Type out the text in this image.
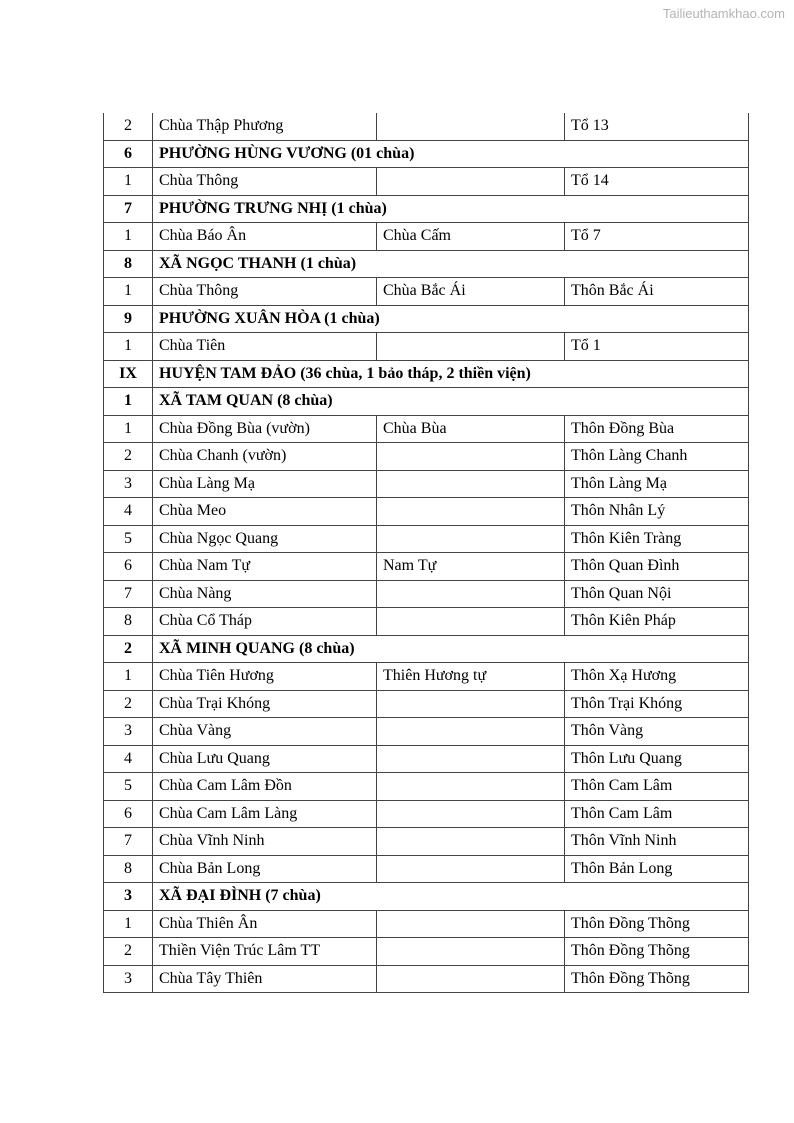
Tailieuthamkhao.com
2	Chùa Thập Phương		Tổ 13
6	PHƯỜNG HÙNG VƯƠNG (01 chùa)		
1	Chùa Thông		Tổ 14
7	PHƯỜNG TRƯNG NHỊ (1 chùa)		
1	Chùa Báo Ân	Chùa Cấm	Tổ 7
8	XÃ NGỌC THANH (1 chùa)		
1	Chùa Thông	Chùa Bắc Ái	Thôn Bắc Ái
9	PHƯỜNG XUÂN HÒA (1 chùa)		
1	Chùa Tiên		Tổ 1
IX	HUYỆN TAM ĐẢO (36 chùa, 1 bảo tháp, 2 thiền viện)		
1	XÃ TAM QUAN (8 chùa)		
1	Chùa Đồng Bùa (vườn)	Chùa Bùa	Thôn Đồng Bùa
2	Chùa Chanh (vườn)		Thôn Làng Chanh
3	Chùa Làng Mạ		Thôn Làng Mạ
4	Chùa Meo		Thôn Nhân Lý
5	Chùa Ngọc Quang		Thôn Kiên Tràng
6	Chùa Nam Tự	Nam Tự	Thôn Quan Đình
7	Chùa Nàng		Thôn Quan Nội
8	Chùa Cổ Tháp		Thôn Kiên Pháp
2	XÃ MINH QUANG (8 chùa)		
1	Chùa Tiên Hương	Thiên Hương tự	Thôn Xạ Hương
2	Chùa Trại Khóng		Thôn Trại Khóng
3	Chùa Vàng		Thôn Vàng
4	Chùa Lưu Quang		Thôn Lưu Quang
5	Chùa Cam Lâm Đồn		Thôn Cam Lâm
6	Chùa Cam Lâm Làng		Thôn Cam Lâm
7	Chùa Vĩnh Ninh		Thôn Vĩnh Ninh
8	Chùa Bản Long		Thôn Bản Long
3	XÃ ĐẠI ĐÌNH (7 chùa)		
1	Chùa Thiên Ân		Thôn Đồng Thõng
2	Thiền Viện Trúc Lâm TT		Thôn Đồng Thõng
3	Chùa Tây Thiên		Thôn Đồng Thõng
